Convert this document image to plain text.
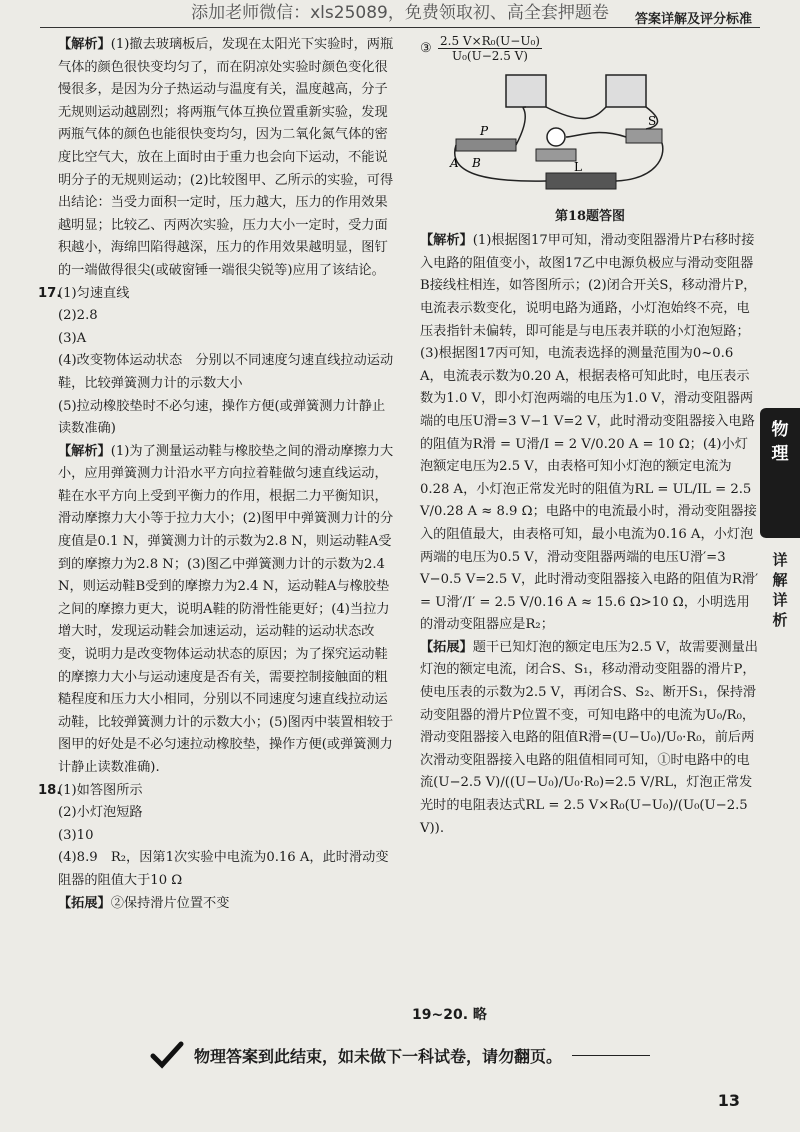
添加老师微信：xls25089，免费领取初、高全套押题卷	答案详解及评分标准

【解析】(1)撤去玻璃板后，发现在太阳光下实验时，两瓶气体的颜色很快变均匀了，而在阴凉处实验时颜色变化很慢很多，是因为分子热运动与温度有关，温度越高，分子无规则运动越剧烈；将两瓶气体互换位置重新实验，发现两瓶气体的颜色也能很快变均匀，因为二氧化氮气体的密度比空气大，放在上面时由于重力也会向下运动，不能说明分子的无规则运动；(2)比较图甲、乙所示的实验，可得出结论：当受力面积一定时，压力越大，压力的作用效果越明显；比较乙、丙两次实验，压力大小一定时，受力面积越小，海绵凹陷得越深，压力的作用效果越明显，图钉的一端做得很尖(或破窗锤一端很尖锐等)应用了该结论。

17.(1)匀速直线

(2)2.8

(3)A

(4)改变物体运动状态　分别以不同速度匀速直线拉动运动鞋，比较弹簧测力计的示数大小

(5)拉动橡胶垫时不必匀速，操作方便(或弹簧测力计静止读数准确)

【解析】(1)为了测量运动鞋与橡胶垫之间的滑动摩擦力大小，应用弹簧测力计沿水平方向拉着鞋做匀速直线运动，鞋在水平方向上受到平衡力的作用，根据二力平衡知识，滑动摩擦力大小等于拉力大小；(2)图甲中弹簧测力计的分度值是0.1 N，弹簧测力计的示数为2.8 N，则运动鞋A受到的摩擦力为2.8 N；(3)图乙中弹簧测力计的示数为2.4 N，则运动鞋B受到的摩擦力为2.4 N，运动鞋A与橡胶垫之间的摩擦力更大，说明A鞋的防滑性能更好；(4)当拉力增大时，发现运动鞋会加速运动，运动鞋的运动状态改变，说明力是改变物体运动状态的原因；为了探究运动鞋的摩擦力大小与运动速度是否有关，需要控制接触面的粗糙程度和压力大小相同，分别以不同速度匀速直线拉动运动鞋，比较弹簧测力计的示数大小；(5)图丙中装置相较于图甲的好处是不必匀速拉动橡胶垫，操作方便(或弹簧测力计静止读数准确).

18.(1)如答图所示

(2)小灯泡短路

(3)10

(4)8.9　R₂，因第1次实验中电流为0.16 A，此时滑动变阻器的阻值大于10 Ω

【拓展】②保持滑片位置不变

③ $\frac{\text{2.5 V×R₀(U−U₀)}}{\text{U₀(U−2.5 V)}}$

P
A B	L
S

第18题答图

【解析】(1)根据图17甲可知，滑动变阻器滑片P右移时接入电路的阻值变小，故图17乙中电源负极应与滑动变阻器B接线柱相连，如答图所示；(2)闭合开关S，移动滑片P，电流表示数变化，说明电路为通路，小灯泡始终不亮，电压表指针未偏转，即可能是与电压表并联的小灯泡短路；(3)根据图17丙可知，电流表选择的测量范围为0~0.6 A，电流表示数为0.20 A，根据表格可知此时，电压表示数为1.0 V，即小灯泡两端的电压为1.0 V，滑动变阻器两端的电压U滑=3 V−1 V=2 V，此时滑动变阻器接入电路的阻值为R滑 = U滑/I = 2 V/0.20 A = 10 Ω；(4)小灯泡额定电压为2.5 V，由表格可知小灯泡的额定电流为0.28 A，小灯泡正常发光时的阻值为RL = UL/IL = 2.5 V/0.28 A ≈ 8.9 Ω；电路中的电流最小时，滑动变阻器接入的阻值最大，由表格可知，最小电流为0.16 A，小灯泡两端的电压为0.5 V，滑动变阻器两端的电压U滑′=3 V−0.5 V=2.5 V，此时滑动变阻器接入电路的阻值为R滑′ = U滑′/I′ = 2.5 V/0.16 A ≈ 15.6 Ω>10 Ω，小明选用的滑动变阻器应是R₂；

【拓展】题干已知灯泡的额定电压为2.5 V，故需要测量出灯泡的额定电流，闭合S、S₁，移动滑动变阻器的滑片P，使电压表的示数为2.5 V，再闭合S、S₂、断开S₁，保持滑动变阻器的滑片P位置不变，可知电路中的电流为U₀/R₀，滑动变阻器接入电路的阻值R滑=(U−U₀)/U₀·R₀，前后两次滑动变阻器接入电路的阻值相同可知，①时电路中的电流(U−2.5 V)/((U−U₀)/U₀·R₀)=2.5 V/RL，灯泡正常发光时的电阻表达式RL = 2.5 V×R₀(U−U₀)/(U₀(U−2.5 V)).

19~20. 略
物
理
详解详析
物理答案到此结束，如未做下一科试卷，请勿翻页。
13
